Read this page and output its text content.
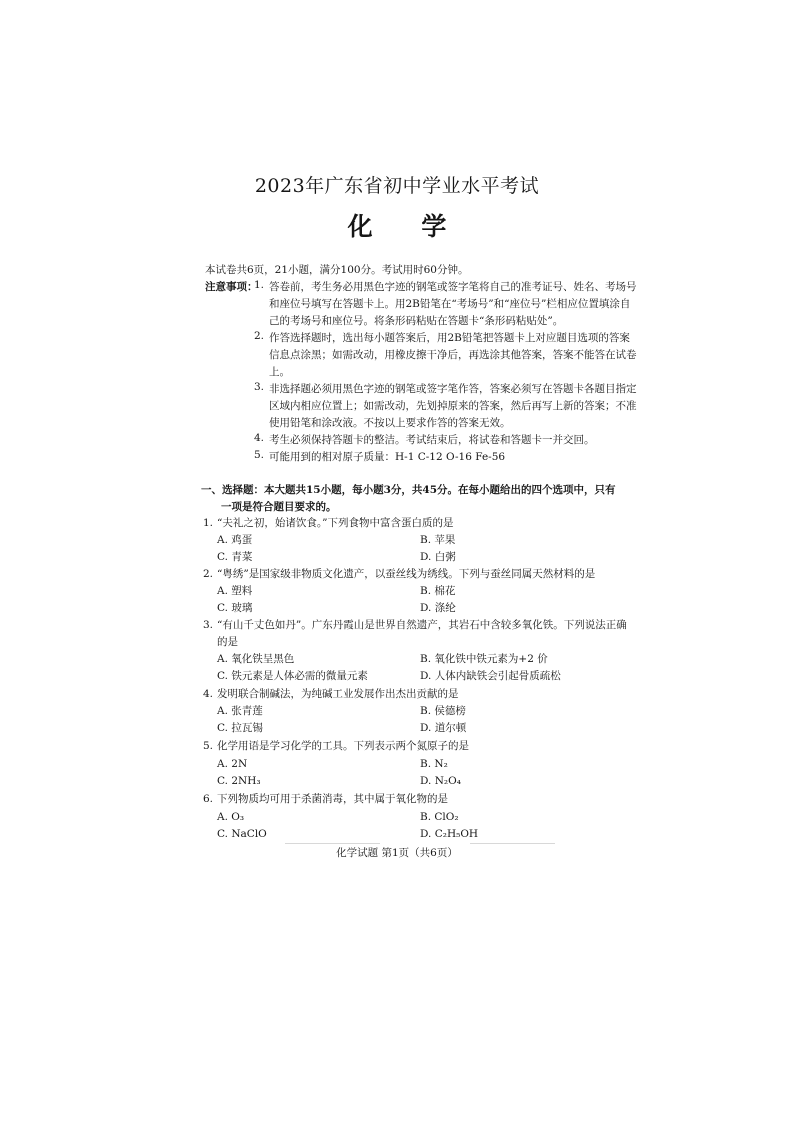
2023年广东省初中学业水平考试
化 学
本试卷共6页，21小题，满分100分。考试用时60分钟。
注意事项：
1. 答卷前，考生务必用黑色字迹的钢笔或签字笔将自己的准考证号、姓名、考场号和座位号填写在答题卡上。用2B铅笔在“考场号”和“座位号”栏相应位置填涂自己的考场号和座位号。将条形码粘贴在答题卡“条形码粘贴处”。
2. 作答选择题时，选出每小题答案后，用2B铅笔把答题卡上对应题目选项的答案信息点涂黑；如需改动，用橡皮擦干净后，再选涂其他答案，答案不能答在试卷上。
3. 非选择题必须用黑色字迹的钢笔或签字笔作答，答案必须写在答题卡各题目指定区域内相应位置上；如需改动，先划掉原来的答案，然后再写上新的答案；不准使用铅笔和涂改液。不按以上要求作答的答案无效。
4. 考生必须保持答题卡的整洁。考试结束后，将试卷和答题卡一并交回。
5. 可能用到的相对原子质量：H-1 C-12 O-16 Fe-56
一、选择题：本大题共15小题，每小题3分，共45分。在每小题给出的四个选项中，只有
一项是符合题目要求的。
1. “夫礼之初，始诸饮食。”下列食物中富含蛋白质的是
A. 鸡蛋	B. 苹果
C. 青菜	D. 白粥
2. “粤绣”是国家级非物质文化遗产，以蚕丝线为绣线。下列与蚕丝同属天然材料的是
A. 塑料	B. 棉花
C. 玻璃	D. 涤纶
3. “有山千丈色如丹”。广东丹霞山是世界自然遗产，其岩石中含较多氧化铁。下列说法正确
的是
A. 氧化铁呈黑色	B. 氧化铁中铁元素为+2 价
C. 铁元素是人体必需的微量元素	D. 人体内缺铁会引起骨质疏松
4. 发明联合制碱法，为纯碱工业发展作出杰出贡献的是
A. 张青莲	B. 侯德榜
C. 拉瓦锡	D. 道尔顿
5. 化学用语是学习化学的工具。下列表示两个氮原子的是
A. 2N	B. N₂
C. 2NH₃	D. N₂O₄
6. 下列物质均可用于杀菌消毒，其中属于氧化物的是
A. O₃	B. ClO₂
C. NaClO	D. C₂H₅OH
化学试题 第1页（共6页）
